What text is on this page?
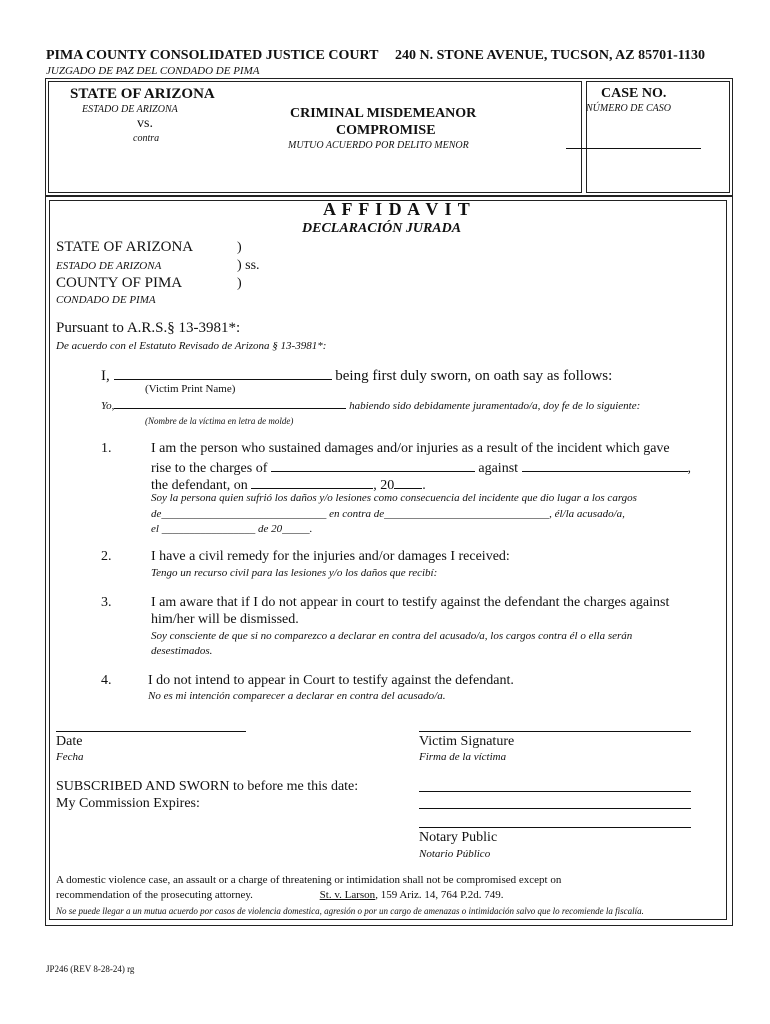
PIMA COUNTY CONSOLIDATED JUSTICE COURT 240 N. STONE AVENUE, TUCSON, AZ 85701-1130
JUZGADO DE PAZ DEL CONDADO DE PIMA
STATE OF ARIZONA
ESTADO DE ARIZONA
vs.
contra
CRIMINAL MISDEMEANOR
COMPROMISE
MUTUO ACUERDO POR DELITO MENOR
CASE NO.
NÚMERO DE CASO
A F F I D A V I T
DECLARACIÓN JURADA
STATE OF ARIZONA	)
ESTADO DE ARIZONA	) ss.
COUNTY OF PIMA	)
CONDADO DE PIMA
Pursuant to A.R.S.§ 13-3981*:
De acuerdo con el Estatuto Revisado de Arizona § 13-3981*:
I,	being first duly sworn, on oath say as follows:
(Victim Print Name)
Yo,	habiendo sido debidamente juramentado/a, doy fe de lo siguiente:
(Nombre de la víctima en letra de molde)
1.	I am the person who sustained damages and/or injuries as a result of the incident which gave
rise to the charges of	against	,
the defendant, on	, 20 .
Soy la persona quien sufrió los daños y/o lesiones como consecuencia del incidente que dio lugar a los cargos
de______________________________ en contra de______________________________, él/la acusado/a,
el _________________ de 20_____.
2.	I have a civil remedy for the injuries and/or damages I received:
Tengo un recurso civil para las lesiones y/o los daños que recibí:
3.	I am aware that if I do not appear in court to testify against the defendant the charges against
him/her will be dismissed.
Soy consciente de que si no comparezco a declarar en contra del acusado/a, los cargos contra él o ella serán
desestimados.
4.	I do not intend to appear in Court to testify against the defendant.
No es mi intención comparecer a declarar en contra del acusado/a.
Date
Fecha
Victim Signature
Firma de la víctima
SUBSCRIBED AND SWORN to before me this date:
My Commission Expires:
Notary Public
Notario Público
A domestic violence case, an assault or a charge of threatening or intimidation shall not be compromised except on
recommendation of the prosecuting attorney.	St. v. Larson, 159 Ariz. 14, 764 P.2d. 749.
No se puede llegar a un mutua acuerdo por casos de violencia domestica, agresión o por un cargo de amenazas o intimidación salvo que lo recomiende la fiscalía.
JP246 (REV 8-28-24) rg
